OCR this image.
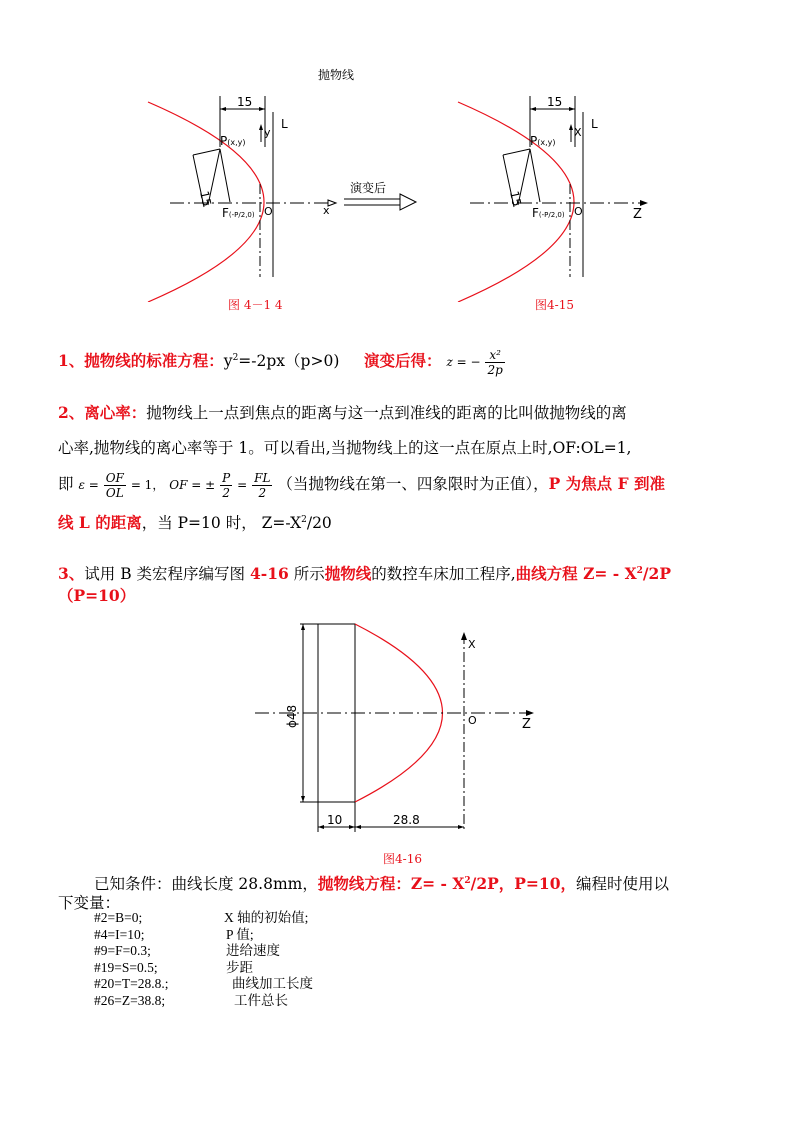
抛物线
15
y
L
P(x,y)
15
x
F(-P/2,0) O
图 4－1 4
演变后
15
X
L
P(x,y)
15
Z
F(-P/2,0) O
图4-15
1、抛物线的标准方程：$y^2=-2px(p>0)$ 演变后得： z = − $\frac{\text{x²}}{2p}$
2、离心率：抛物线上一点到焦点的距离与这一点到准线的距离的比叫做抛物线的离
心率,抛物线的离心率等于 1。可以看出,当抛物线上的这一点在原点上时,OF:OL=1,
即 $\varepsilon = \frac{OF}{OL} = 1$， OF = ± $\frac{P}{2} = \frac{FL}{2}$ （当抛物线在第一、四象限时为正值），P 为焦点 F 到准
线 L 的距离，当 P=10 时， $Z=-X^2/20$
3、试用 B 类宏程序编写图 4-16 所示抛物线的数控车床加工程序,曲线方程 $Z= - X^2/2P$
（P=10）
ϕ48	Z
X
O
10	28.8
图4-16
已知条件：曲线长度 28.8mm，抛物线方程：$Z= - X^2/2P$，P=10，编程时使用以
下变量：
#2=B=0;	X 轴的初始值;
#4=I=10;	P 值;
#9=F=0.3;	进给速度
#19=S=0.5;	步距
#20=T=28.8.;	曲线加工长度
#26=Z=38.8;	工件总长
